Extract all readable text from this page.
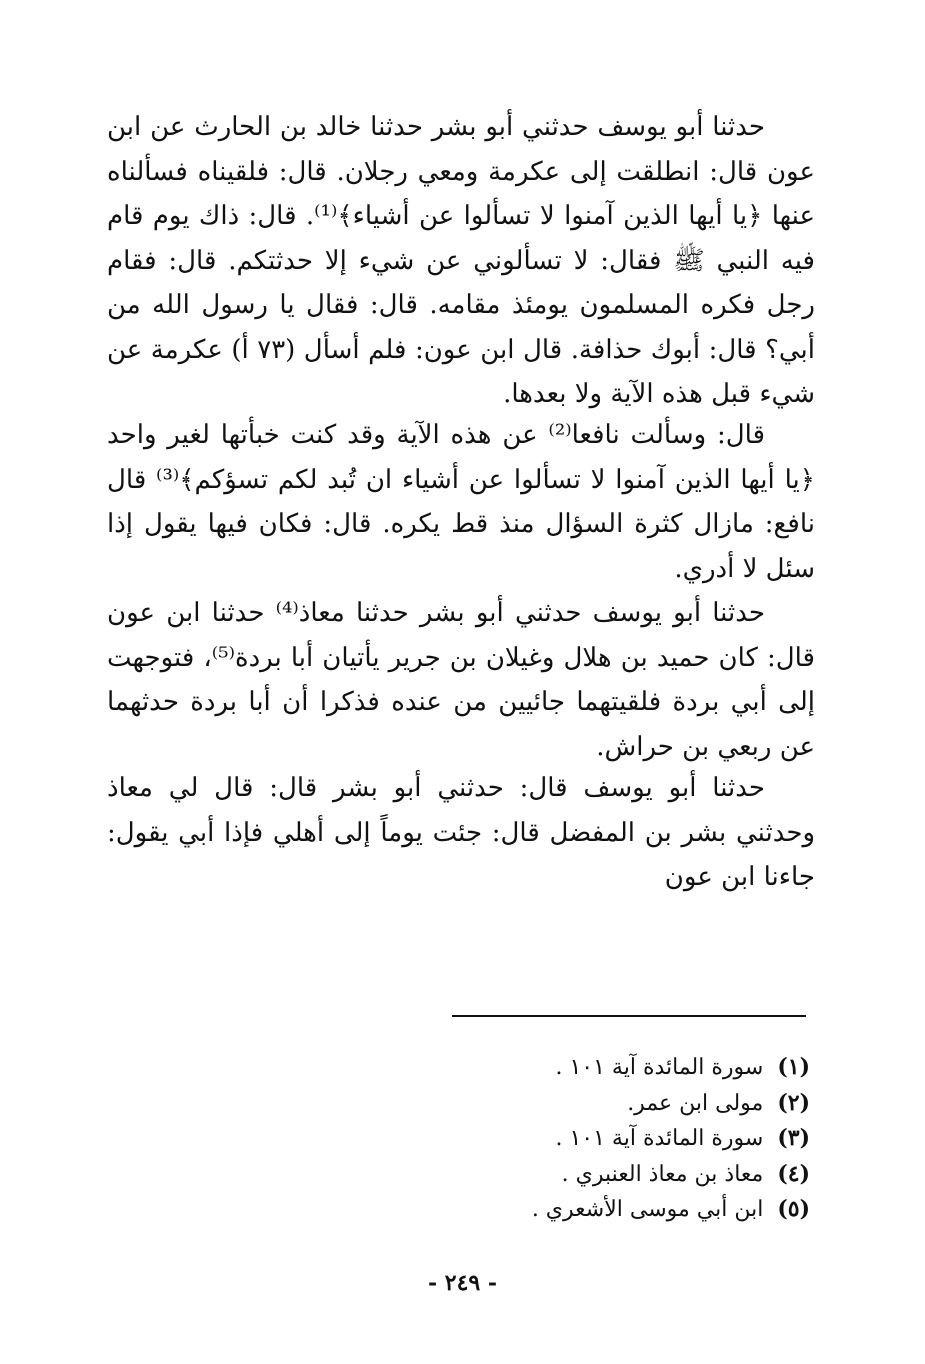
حدثنا أبو يوسف حدثني أبو بشر حدثنا خالد بن الحارث عن ابن عون قال: انطلقت إلى عكرمة ومعي رجلان. قال: فلقيناه فسألناه عنها ﴿يا أيها الذين آمنوا لا تسألوا عن أشياء﴾⁽¹⁾. قال: ذاك يوم قام فيه النبي ﷺ فقال: لا تسألوني عن شيء إلا حدثتكم. قال: فقام رجل فكره المسلمون يومئذ مقامه. قال: فقال يا رسول الله من أبي؟ قال: أبوك حذافة. قال ابن عون: فلم أسأل (٧٣ أ) عكرمة عن شيء قبل هذه الآية ولا بعدها.

قال: وسألت نافعا⁽²⁾ عن هذه الآية وقد كنت خبأتها لغير واحد ﴿يا أيها الذين آمنوا لا تسألوا عن أشياء ان تُبد لكم تسؤكم﴾⁽³⁾ قال نافع: مازال كثرة السؤال منذ قط يكره. قال: فكان فيها يقول إذا سئل لا أدري.

حدثنا أبو يوسف حدثني أبو بشر حدثنا معاذ⁽⁴⁾ حدثنا ابن عون قال: كان حميد بن هلال وغيلان بن جرير يأتيان أبا بردة⁽⁵⁾، فتوجهت إلى أبي بردة فلقيتهما جائيين من عنده فذكرا أن أبا بردة حدثهما عن ربعي بن حراش.

حدثنا أبو يوسف قال: حدثني أبو بشر قال: قال لي معاذ وحدثني بشر بن المفضل قال: جئت يوماً إلى أهلي فإذا أبي يقول: جاءنا ابن عون

(١)سورة المائدة آية ١٠١ .
(٢)مولى ابن عمر.
(٣)سورة المائدة آية ١٠١ .
(٤)معاذ بن معاذ العنبري .
(٥)ابن أبي موسى الأشعري .
- ٢٤٩ -
